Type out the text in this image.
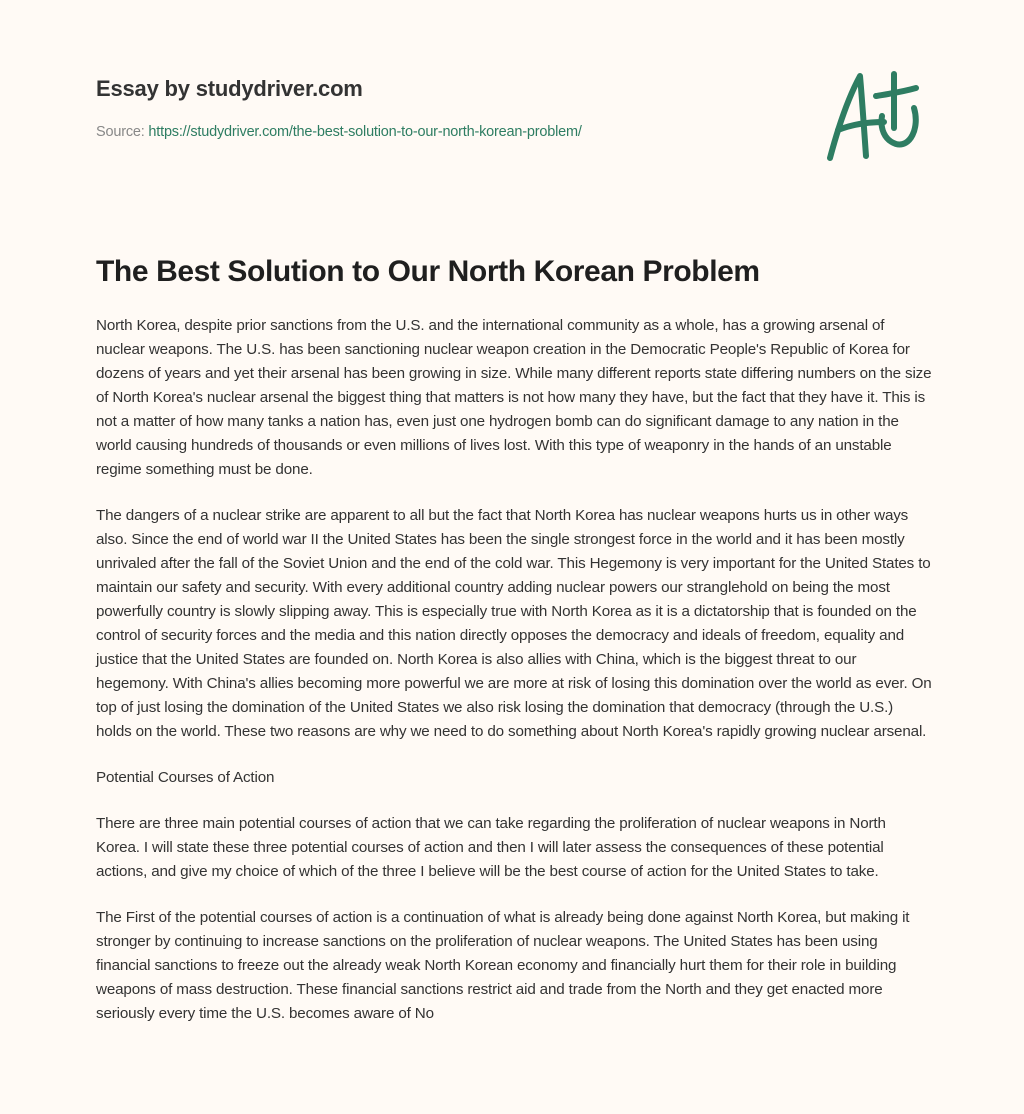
Essay by studydriver.com
Source: https://studydriver.com/the-best-solution-to-our-north-korean-problem/
The Best Solution to Our North Korean Problem

North Korea, despite prior sanctions from the U.S. and the international community as a whole, has a growing arsenal of nuclear weapons. The U.S. has been sanctioning nuclear weapon creation in the Democratic People's Republic of Korea for dozens of years and yet their arsenal has been growing in size. While many different reports state differing numbers on the size of North Korea's nuclear arsenal the biggest thing that matters is not how many they have, but the fact that they have it. This is not a matter of how many tanks a nation has, even just one hydrogen bomb can do significant damage to any nation in the world causing hundreds of thousands or even millions of lives lost. With this type of weaponry in the hands of an unstable regime something must be done.

The dangers of a nuclear strike are apparent to all but the fact that North Korea has nuclear weapons hurts us in other ways also. Since the end of world war II the United States has been the single strongest force in the world and it has been mostly unrivaled after the fall of the Soviet Union and the end of the cold war. This Hegemony is very important for the United States to maintain our safety and security. With every additional country adding nuclear powers our stranglehold on being the most powerfully country is slowly slipping away. This is especially true with North Korea as it is a dictatorship that is founded on the control of security forces and the media and this nation directly opposes the democracy and ideals of freedom, equality and justice that the United States are founded on. North Korea is also allies with China, which is the biggest threat to our hegemony. With China's allies becoming more powerful we are more at risk of losing this domination over the world as ever. On top of just losing the domination of the United States we also risk losing the domination that democracy (through the U.S.) holds on the world. These two reasons are why we need to do something about North Korea's rapidly growing nuclear arsenal.

Potential Courses of Action

There are three main potential courses of action that we can take regarding the proliferation of nuclear weapons in North Korea. I will state these three potential courses of action and then I will later assess the consequences of these potential actions, and give my choice of which of the three I believe will be the best course of action for the United States to take.

The First of the potential courses of action is a continuation of what is already being done against North Korea, but making it stronger by continuing to increase sanctions on the proliferation of nuclear weapons. The United States has been using financial sanctions to freeze out the already weak North Korean economy and financially hurt them for their role in building weapons of mass destruction. These financial sanctions restrict aid and trade from the North and they get enacted more seriously every time the U.S. becomes aware of No
